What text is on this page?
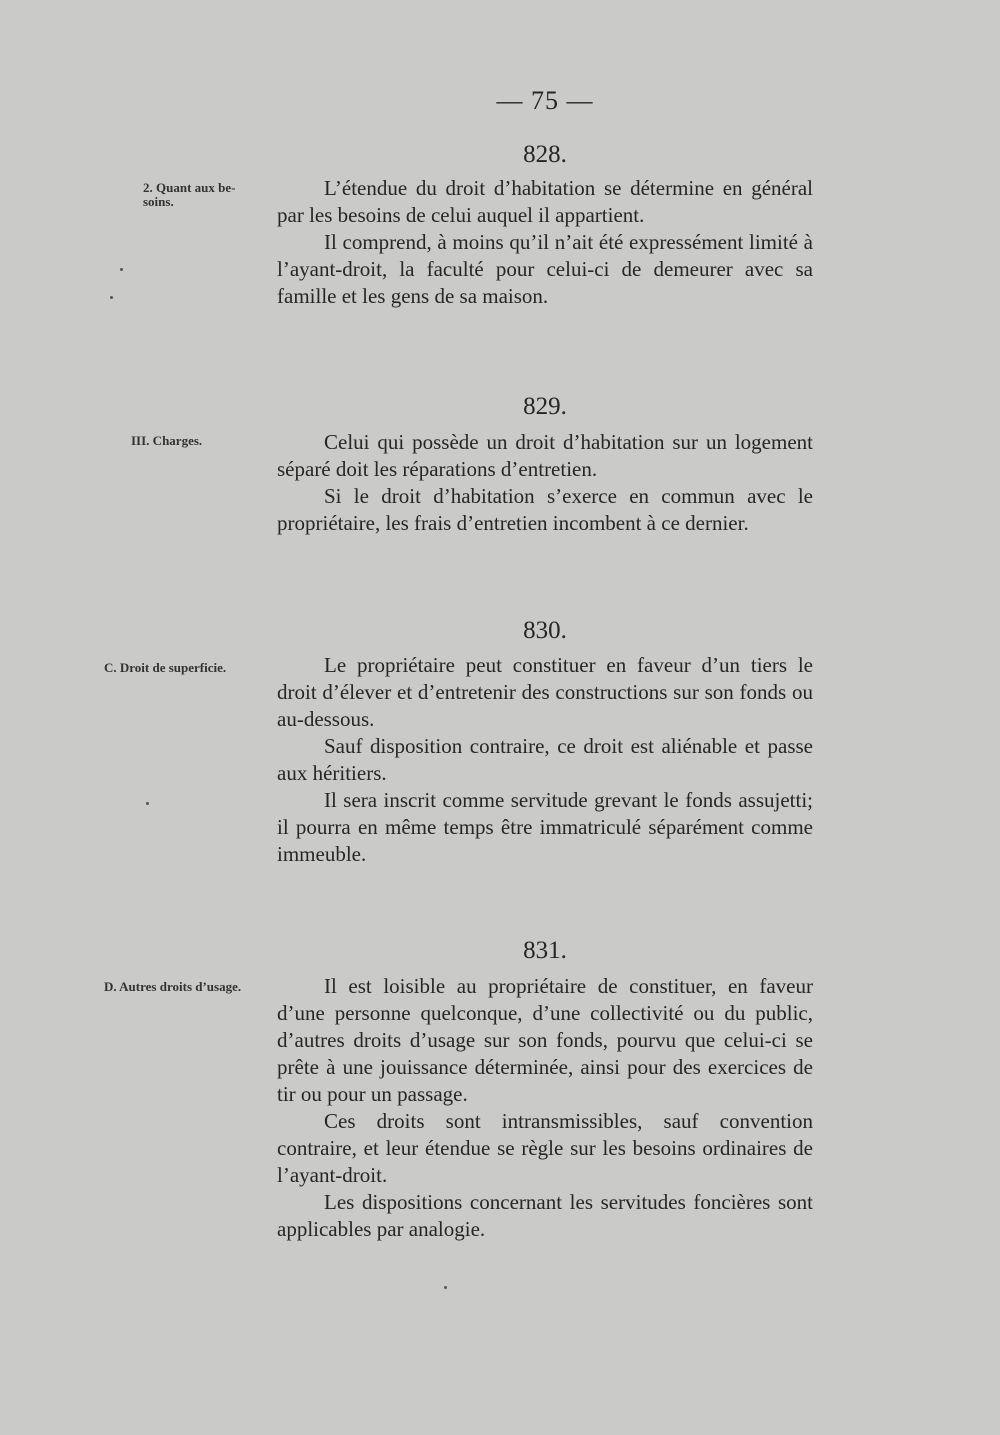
— 75 —
828.
2. Quant aux be-
soins.

L’étendue du droit d’habitation se détermine en général par les besoins de celui auquel il appartient.

Il comprend, à moins qu’il n’ait été expressément limité à l’ayant-droit, la faculté pour celui-ci de demeurer avec sa famille et les gens de sa maison.

829.
III. Charges.	Celui qui possède un droit d’habitation sur un logement séparé doit les réparations d’entretien.

Si le droit d’habitation s’exerce en commun avec le propriétaire, les frais d’entretien incombent à ce dernier.

830.
C. Droit de superficie.	Le propriétaire peut constituer en faveur d’un tiers le droit d’élever et d’entretenir des constructions sur son fonds ou au-dessous.

Sauf disposition contraire, ce droit est aliénable et passe aux héritiers.

Il sera inscrit comme servitude grevant le fonds assujetti; il pourra en même temps être immatriculé séparément comme immeuble.

831.
D. Autres droits d’usage.	Il est loisible au propriétaire de constituer, en faveur d’une personne quelconque, d’une collectivité ou du public, d’autres droits d’usage sur son fonds, pourvu que celui-ci se prête à une jouissance déterminée, ainsi pour des exercices de tir ou pour un passage.

Ces droits sont intransmissibles, sauf convention contraire, et leur étendue se règle sur les besoins ordinaires de l’ayant-droit.

Les dispositions concernant les servitudes foncières sont applicables par analogie.
